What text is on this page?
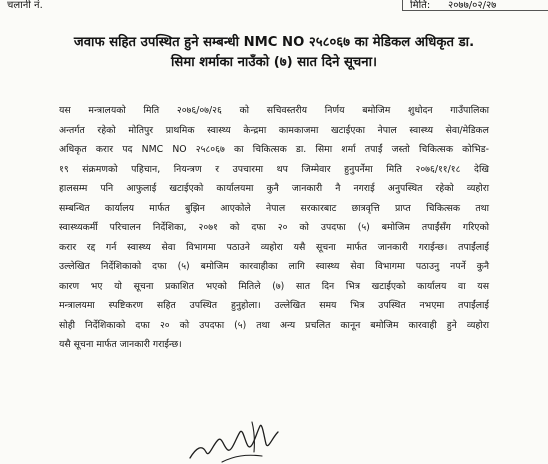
चलानी नं.	मिति: २०७७/०२/२७
जवाफ सहित उपस्थित हुने सम्बन्धी NMC NO २५८०६७ का मेडिकल अधिकृत डा.
सिमा शर्माका नाउँको (७) सात दिने सूचना।
यस मन्त्रालयको मिति २०७६/०७/२६ को सचिवस्तरीय निर्णय बमोजिम शुधोदन गाउँपालिका
अन्तर्गत रहेको मोतिपुर प्राथमिक स्वास्थ्य केन्द्रमा कामकाजमा खटाईएका नेपाल स्वास्थ्य सेवा/मेडिकल
अधिकृत करार पद NMC NO २५८०६७ का चिकित्सक डा. सिमा शर्मा तपाईं जस्तो चिकित्सक कोभिड-
१९ संक्रमणको पहिचान, नियन्त्रण र उपचारमा थप जिम्मेवार हुनुपर्नेमा मिति २०७६/११/१८ देखि
हालसम्म पनि आफुलाई खटाईएको कार्यालयमा कुनै जानकारी नै नगराई अनुपस्थित रहेको व्यहोरा
सम्बन्धित कार्यालय मार्फत बुझिन आएकोले नेपाल सरकारबाट छात्रवृत्ति प्राप्त चिकित्सक तथा
स्वास्थ्यकर्मी परिचालन निर्देशिका, २०७१ को दफा २० को उपदफा (५) बमोजिम तपाईंसँग गरिएको
करार रद्द गर्न स्वास्थ्य सेवा विभागमा पठाउने व्यहोरा यसै सूचना मार्फत जानकारी गराईन्छ। तपाईंलाई
उल्लेखित निर्देशिकाको दफा (५) बमोजिम कारवाहीका लागि स्वास्थ्य सेवा विभागमा पठाउनु नपर्ने कुनै
कारण भए यो सूचना प्रकाशित भएको मितिले (७) सात दिन भित्र खटाईएको कार्यालय वा यस
मन्त्रालयमा स्पष्टिकरण सहित उपस्थित हुनुहोला। उल्लेखित समय भित्र उपस्थित नभएमा तपाईंलाई
सोही निर्देशिकाको दफा २० को उपदफा (५) तथा अन्य प्रचलित कानून बमोजिम कारवाही हुने व्यहोरा
यसै सूचना मार्फत जानकारी गराईन्छ।
